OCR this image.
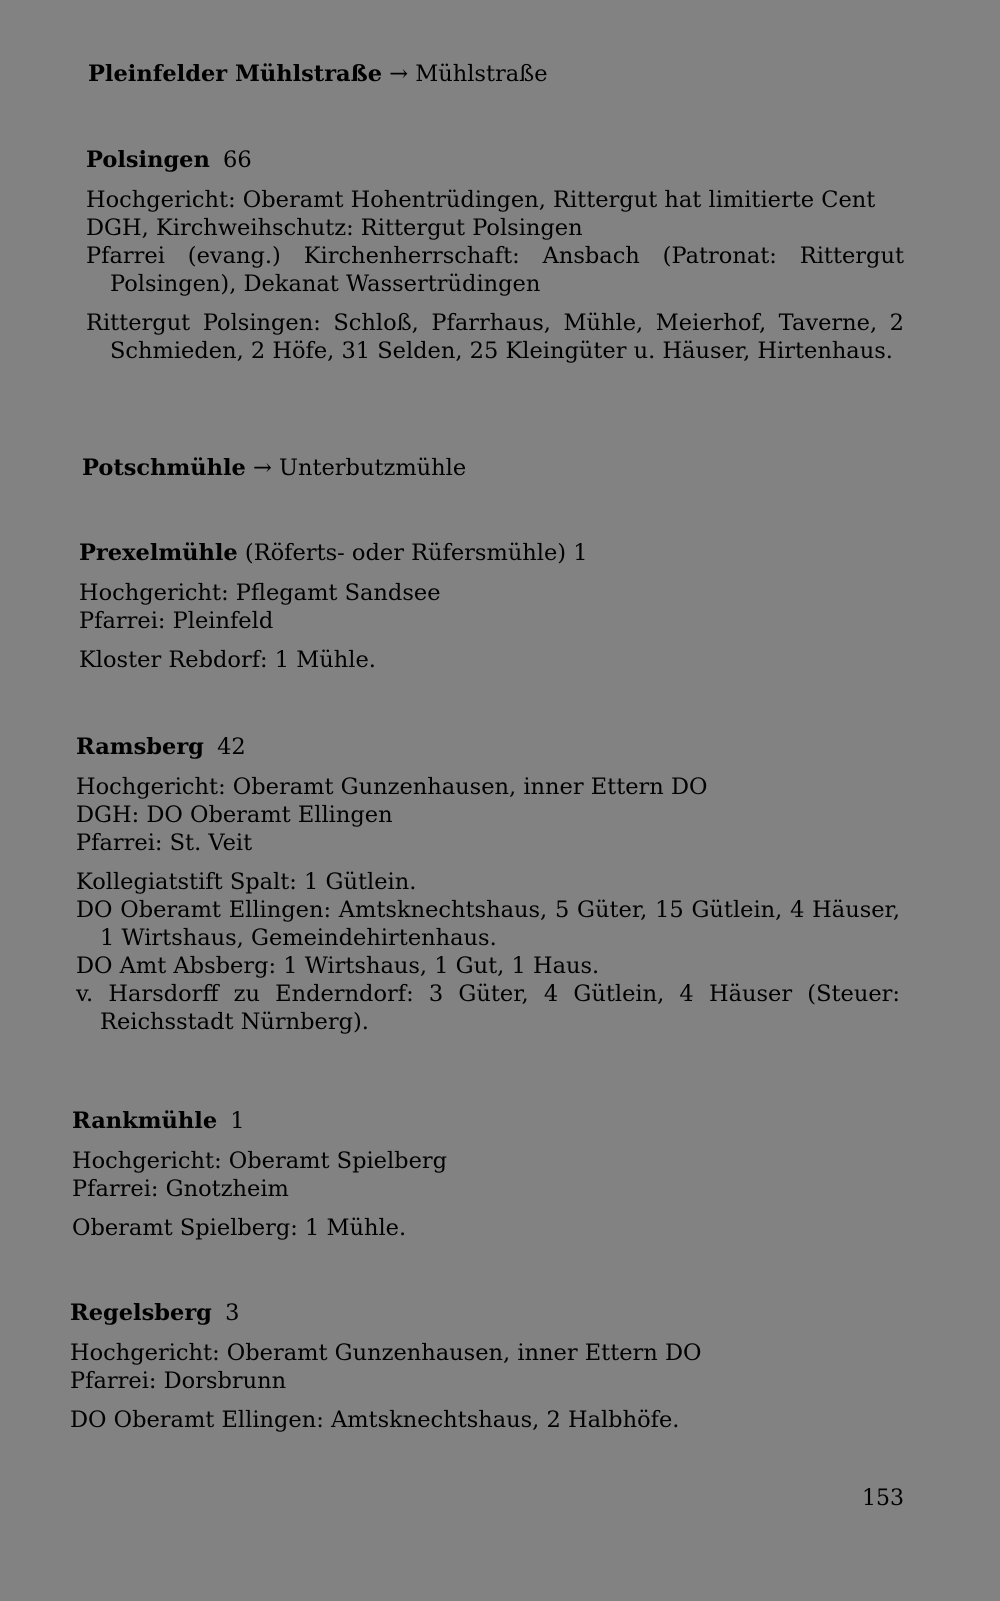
Pleinfelder Mühlstraße → Mühlstraße
Polsingen 66
Hochgericht: Oberamt Hohentrüdingen, Rittergut hat limitierte Cent
DGH, Kirchweihschutz: Rittergut Polsingen
Pfarrei (evang.) Kirchenherrschaft: Ansbach (Patronat: Rittergut Polsingen), Dekanat Wassertrüdingen
Rittergut Polsingen: Schloß, Pfarrhaus, Mühle, Meierhof, Taverne, 2 Schmieden, 2 Höfe, 31 Selden, 25 Kleingüter u. Häuser, Hirtenhaus.
Potschmühle → Unterbutzmühle
Prexelmühle (Röferts- oder Rüfersmühle) 1
Hochgericht: Pflegamt Sandsee
Pfarrei: Pleinfeld
Kloster Rebdorf: 1 Mühle.
Ramsberg 42
Hochgericht: Oberamt Gunzenhausen, inner Ettern DO
DGH: DO Oberamt Ellingen
Pfarrei: St. Veit
Kollegiatstift Spalt: 1 Gütlein.
DO Oberamt Ellingen: Amtsknechtshaus, 5 Güter, 15 Gütlein, 4 Häuser, 1 Wirtshaus, Gemeindehirtenhaus.
DO Amt Absberg: 1 Wirtshaus, 1 Gut, 1 Haus.
v. Harsdorff zu Enderndorf: 3 Güter, 4 Gütlein, 4 Häuser (Steuer: Reichsstadt Nürnberg).
Rankmühle 1
Hochgericht: Oberamt Spielberg
Pfarrei: Gnotzheim
Oberamt Spielberg: 1 Mühle.
Regelsberg 3
Hochgericht: Oberamt Gunzenhausen, inner Ettern DO
Pfarrei: Dorsbrunn
DO Oberamt Ellingen: Amtsknechtshaus, 2 Halbhöfe.
153
